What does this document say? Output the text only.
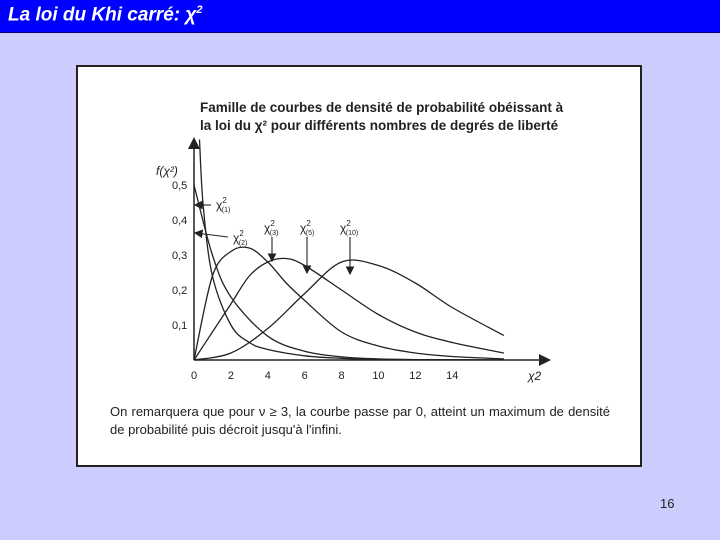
La loi du Khi carré: $\chi^2$
Famille de courbes de densité de probabilité obéissant à
la loi du χ² pour différents nombres de degrés de liberté
f(χ²)
χ2
0	2	4	6	8	10 12 14
0,1
0,2
0,3
0,4
0,5
$\chi^2$ (1)
$\chi^2$ (2)
$\chi^2$ (3) $\chi^2$ (5) $\chi^2$ (10)
On remarquera que pour ν ≥ 3, la courbe passe par 0, atteint un maximum de densité de probabilité puis décroit jusqu'à l'infini.
16
